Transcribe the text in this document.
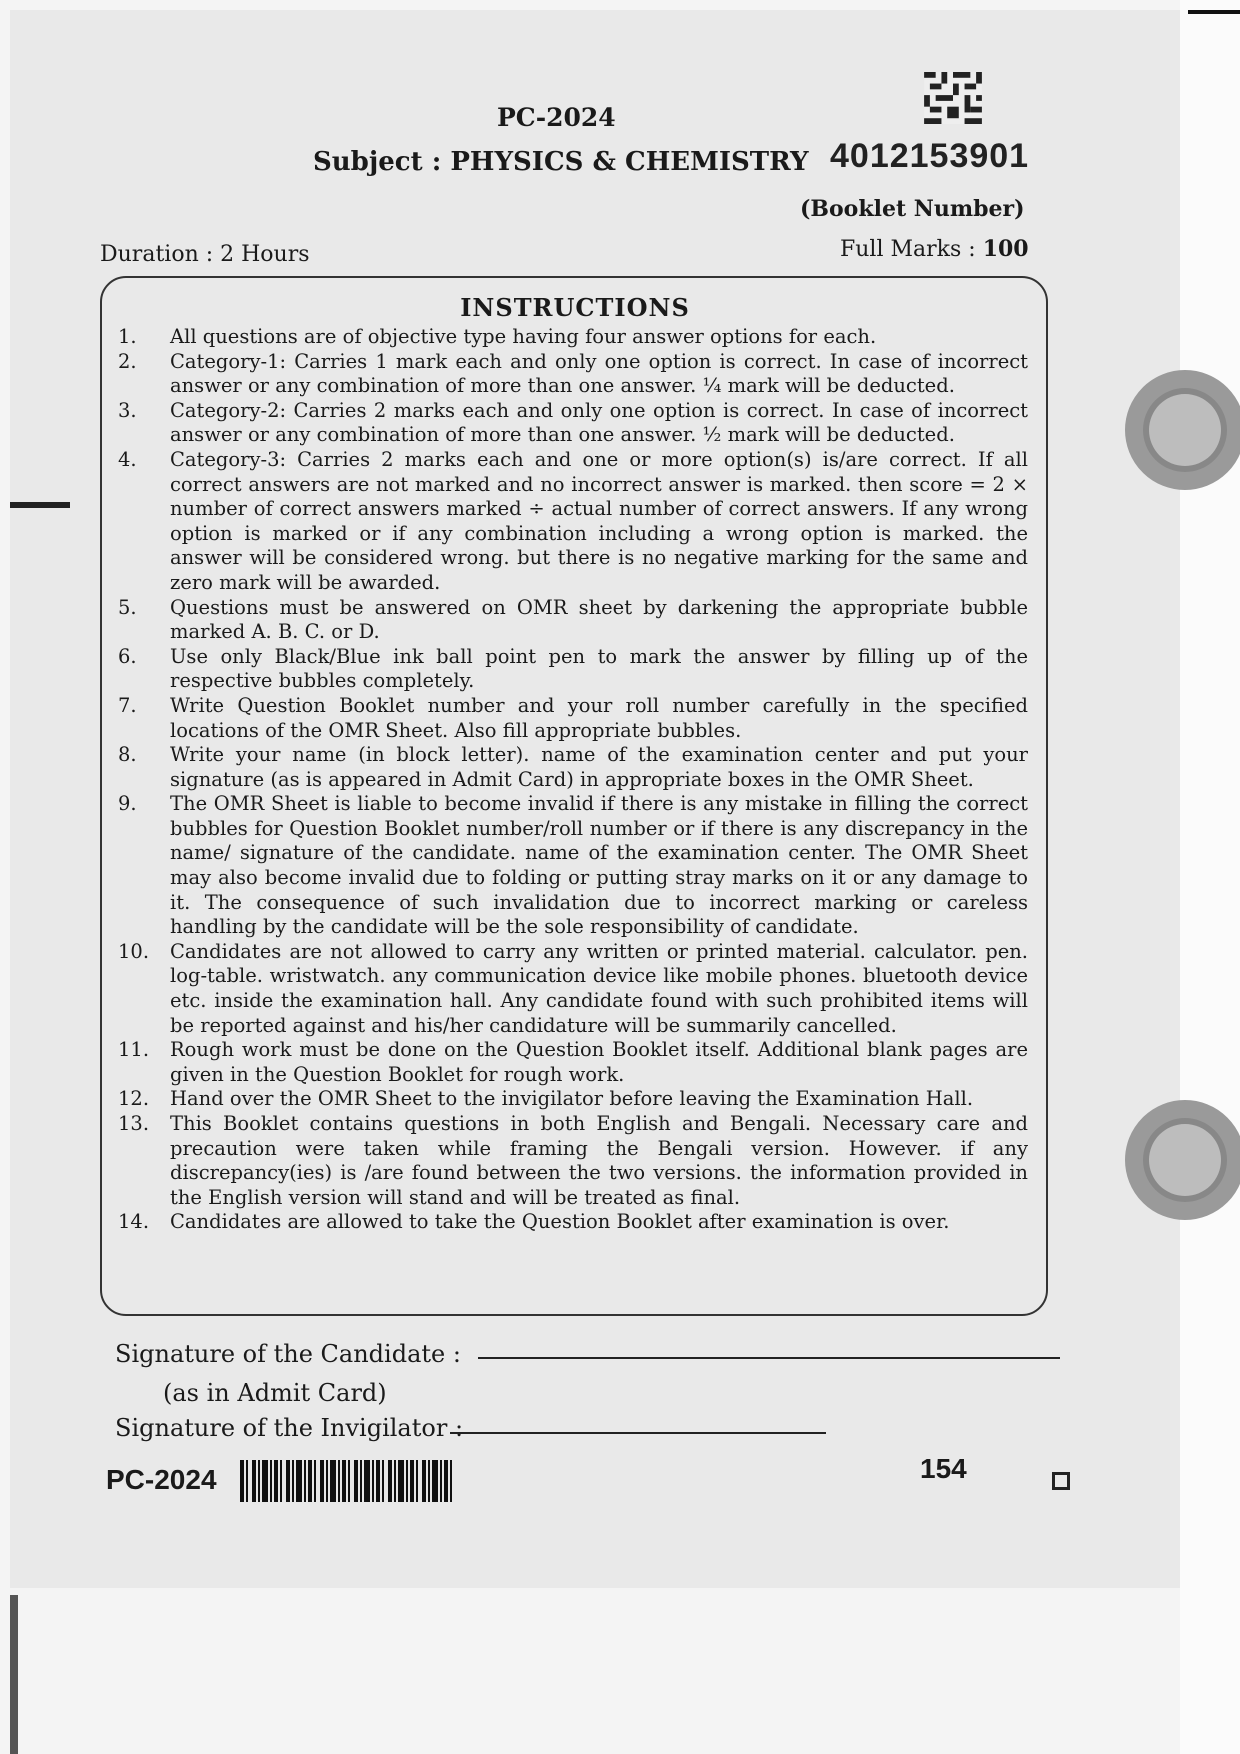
PC-2024
Subject : PHYSICS & CHEMISTRY 4012153901
(Booklet Number)
Duration : 2 Hours	Full Marks : 100
INSTRUCTIONS
1. All questions are of objective type having four answer options for each.
2. Category-1: Carries 1 mark each and only one option is correct. In case of incorrect answer or any combination of more than one answer. ¼ mark will be deducted.
3. Category-2: Carries 2 marks each and only one option is correct. In case of incorrect answer or any combination of more than one answer. ½ mark will be deducted.
4. Category-3: Carries 2 marks each and one or more option(s) is/are correct. If all correct answers are not marked and no incorrect answer is marked. then score = 2 × number of correct answers marked ÷ actual number of correct answers. If any wrong option is marked or if any combination including a wrong option is marked. the answer will be considered wrong. but there is no negative marking for the same and zero mark will be awarded.
5. Questions must be answered on OMR sheet by darkening the appropriate bubble marked A. B. C. or D.
6. Use only Black/Blue ink ball point pen to mark the answer by filling up of the respective bubbles completely.
7. Write Question Booklet number and your roll number carefully in the specified locations of the OMR Sheet. Also fill appropriate bubbles.
8. Write your name (in block letter). name of the examination center and put your signature (as is appeared in Admit Card) in appropriate boxes in the OMR Sheet.
9. The OMR Sheet is liable to become invalid if there is any mistake in filling the correct bubbles for Question Booklet number/roll number or if there is any discrepancy in the name/ signature of the candidate. name of the examination center. The OMR Sheet may also become invalid due to folding or putting stray marks on it or any damage to it. The consequence of such invalidation due to incorrect marking or careless handling by the candidate will be the sole responsibility of candidate.
10. Candidates are not allowed to carry any written or printed material. calculator. pen. log-table. wristwatch. any communication device like mobile phones. bluetooth device etc. inside the examination hall. Any candidate found with such prohibited items will be reported against and his/her candidature will be summarily cancelled.
11. Rough work must be done on the Question Booklet itself. Additional blank pages are given in the Question Booklet for rough work.
12. Hand over the OMR Sheet to the invigilator before leaving the Examination Hall.
13. This Booklet contains questions in both English and Bengali. Necessary care and precaution were taken while framing the Bengali version. However. if any discrepancy(ies) is /are found between the two versions. the information provided in the English version will stand and will be treated as final.
14. Candidates are allowed to take the Question Booklet after examination is over.
Signature of the Candidate :
(as in Admit Card)
Signature of the Invigilator :
PC-2024	154
